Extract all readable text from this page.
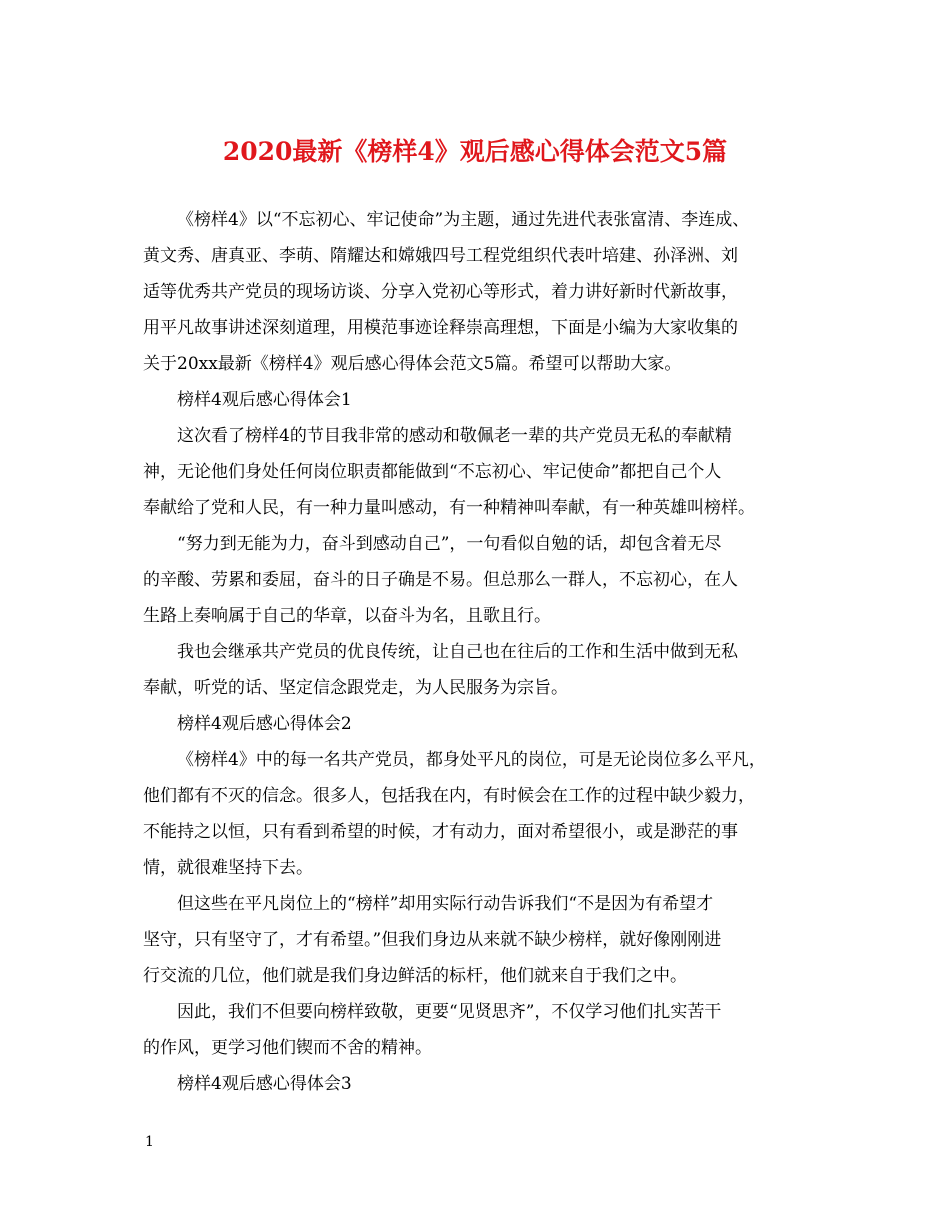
2020最新《榜样4》观后感心得体会范文5篇
《榜样4》以“不忘初心、牢记使命”为主题，通过先进代表张富清、李连成、
黄文秀、唐真亚、李萌、隋耀达和嫦娥四号工程党组织代表叶培建、孙泽洲、刘
适等优秀共产党员的现场访谈、分享入党初心等形式，着力讲好新时代新故事，
用平凡故事讲述深刻道理，用模范事迹诠释崇高理想，下面是小编为大家收集的
关于20xx最新《榜样4》观后感心得体会范文5篇。希望可以帮助大家。
榜样4观后感心得体会1
这次看了榜样4的节目我非常的感动和敬佩老一辈的共产党员无私的奉献精
神，无论他们身处任何岗位职责都能做到“不忘初心、牢记使命”都把自己个人
奉献给了党和人民，有一种力量叫感动，有一种精神叫奉献，有一种英雄叫榜样。
“努力到无能为力，奋斗到感动自己”，一句看似自勉的话，却包含着无尽
的辛酸、劳累和委屈，奋斗的日子确是不易。但总那么一群人，不忘初心，在人
生路上奏响属于自己的华章，以奋斗为名，且歌且行。
我也会继承共产党员的优良传统，让自己也在往后的工作和生活中做到无私
奉献，听党的话、坚定信念跟党走，为人民服务为宗旨。
榜样4观后感心得体会2
《榜样4》中的每一名共产党员，都身处平凡的岗位，可是无论岗位多么平凡，
他们都有不灭的信念。很多人，包括我在内，有时候会在工作的过程中缺少毅力，
不能持之以恒，只有看到希望的时候，才有动力，面对希望很小，或是渺茫的事
情，就很难坚持下去。
但这些在平凡岗位上的“榜样”却用实际行动告诉我们“不是因为有希望才
坚守，只有坚守了，才有希望。”但我们身边从来就不缺少榜样，就好像刚刚进
行交流的几位，他们就是我们身边鲜活的标杆，他们就来自于我们之中。
因此，我们不但要向榜样致敬，更要“见贤思齐”，不仅学习他们扎实苦干
的作风，更学习他们锲而不舍的精神。
榜样4观后感心得体会3
1
